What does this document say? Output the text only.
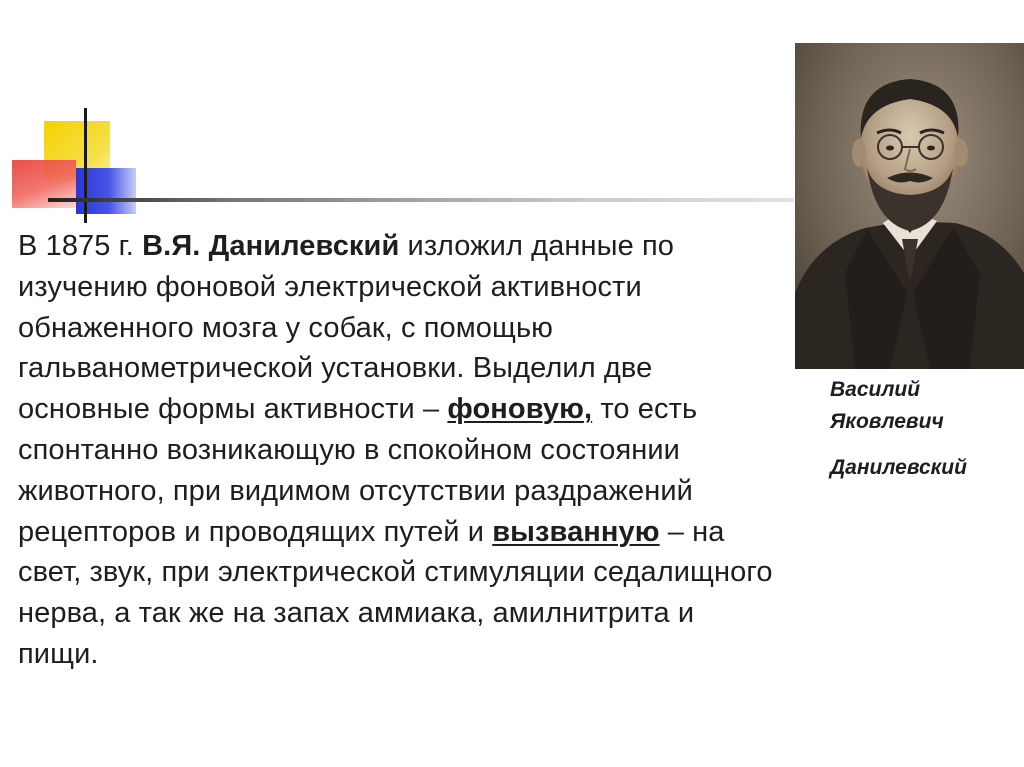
В 1875 г. В.Я. Данилевский изложил данные по изучению фоновой электрической активности обнаженного мозга у собак, с помощью гальванометрической установки. Выделил две основные формы активности – фоновую, то есть спонтанно возникающую в спокойном состоянии животного, при видимом отсутствии раздражений рецепторов и проводящих путей и вызванную – на свет, звук, при электрической стимуляции седалищного нерва, а так же на запах аммиака, амилнитрита и пищи.

Василий

Яковлевич

Данилевский
